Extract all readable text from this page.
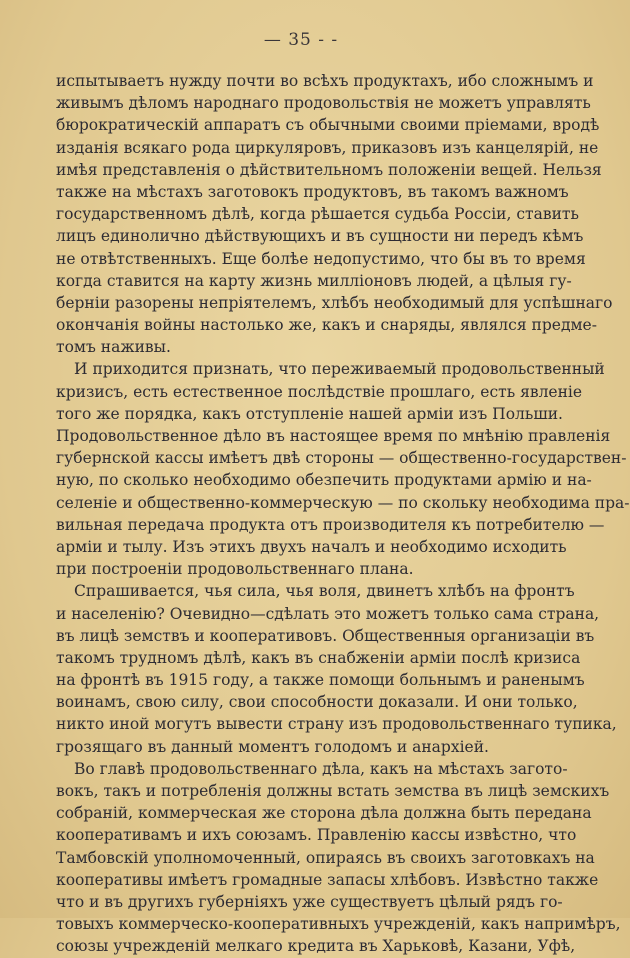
— 35 - -
испытываетъ нужду почти во всѣхъ продуктахъ, ибо сложнымъ и
живымъ дѣломъ народнаго продовольствія не можетъ управлять
бюрократическій аппаратъ съ обычными своими пріемами, вродѣ
изданія всякаго рода циркуляровъ, приказовъ изъ канцелярій, не
имѣя представленія о дѣйствительномъ положеніи вещей. Нельзя
также на мѣстахъ заготовокъ продуктовъ, въ такомъ важномъ
государственномъ дѣлѣ, когда рѣшается судьба Россіи, ставить
лицъ единолично дѣйствующихъ и въ сущности ни передъ кѣмъ
не отвѣтственныхъ. Еще болѣе недопустимо, что бы въ то время
когда ставится на карту жизнь милліоновъ людей, а цѣлыя гу-
берніи разорены непріятелемъ, хлѣбъ необходимый для успѣшнаго
окончанія войны настолько же, какъ и снаряды, являлся предме-
томъ наживы.
И приходится признать, что переживаемый продовольственный
кризисъ, есть естественное послѣдствіе прошлаго, есть явленіе
того же порядка, какъ отступленіе нашей арміи изъ Польши.
Продовольственное дѣло въ настоящее время по мнѣнію правленія
губернской кассы имѣетъ двѣ стороны — общественно-государствен-
ную, по сколько необходимо обезпечить продуктами армію и на-
селеніе и общественно-коммерческую — по скольку необходима пра-
вильная передача продукта отъ производителя къ потребителю —
арміи и тылу. Изъ этихъ двухъ началъ и необходимо исходить
при построеніи продовольственнаго плана.
Спрашивается, чья сила, чья воля, двинетъ хлѣбъ на фронтъ
и населенію? Очевидно—сдѣлать это можетъ только сама страна,
въ лицѣ земствъ и кооперативовъ. Общественныя организаціи въ
такомъ трудномъ дѣлѣ, какъ въ снабженіи арміи послѣ кризиса
на фронтѣ въ 1915 году, а также помощи больнымъ и раненымъ
воинамъ, свою силу, свои способности доказали. И они только,
никто иной могутъ вывести страну изъ продовольственнаго тупика,
грозящаго въ данный моментъ голодомъ и анархіей.
Во главѣ продовольственнаго дѣла, какъ на мѣстахъ загото-
вокъ, такъ и потребленія должны встать земства въ лицѣ земскихъ
собраній, коммерческая же сторона дѣла должна быть передана
кооперативамъ и ихъ союзамъ. Правленію кассы извѣстно, что
Тамбовскій уполномоченный, опираясь въ своихъ заготовкахъ на
кооперативы имѣетъ громадные запасы хлѣбовъ. Извѣстно также
что и въ другихъ губерніяхъ уже существуетъ цѣлый рядъ го-
товыхъ коммерческо-кооперативныхъ учрежденій, какъ напримѣръ,
союзы учрежденій мелкаго кредита въ Харьковѣ, Казани, Уфѣ,
